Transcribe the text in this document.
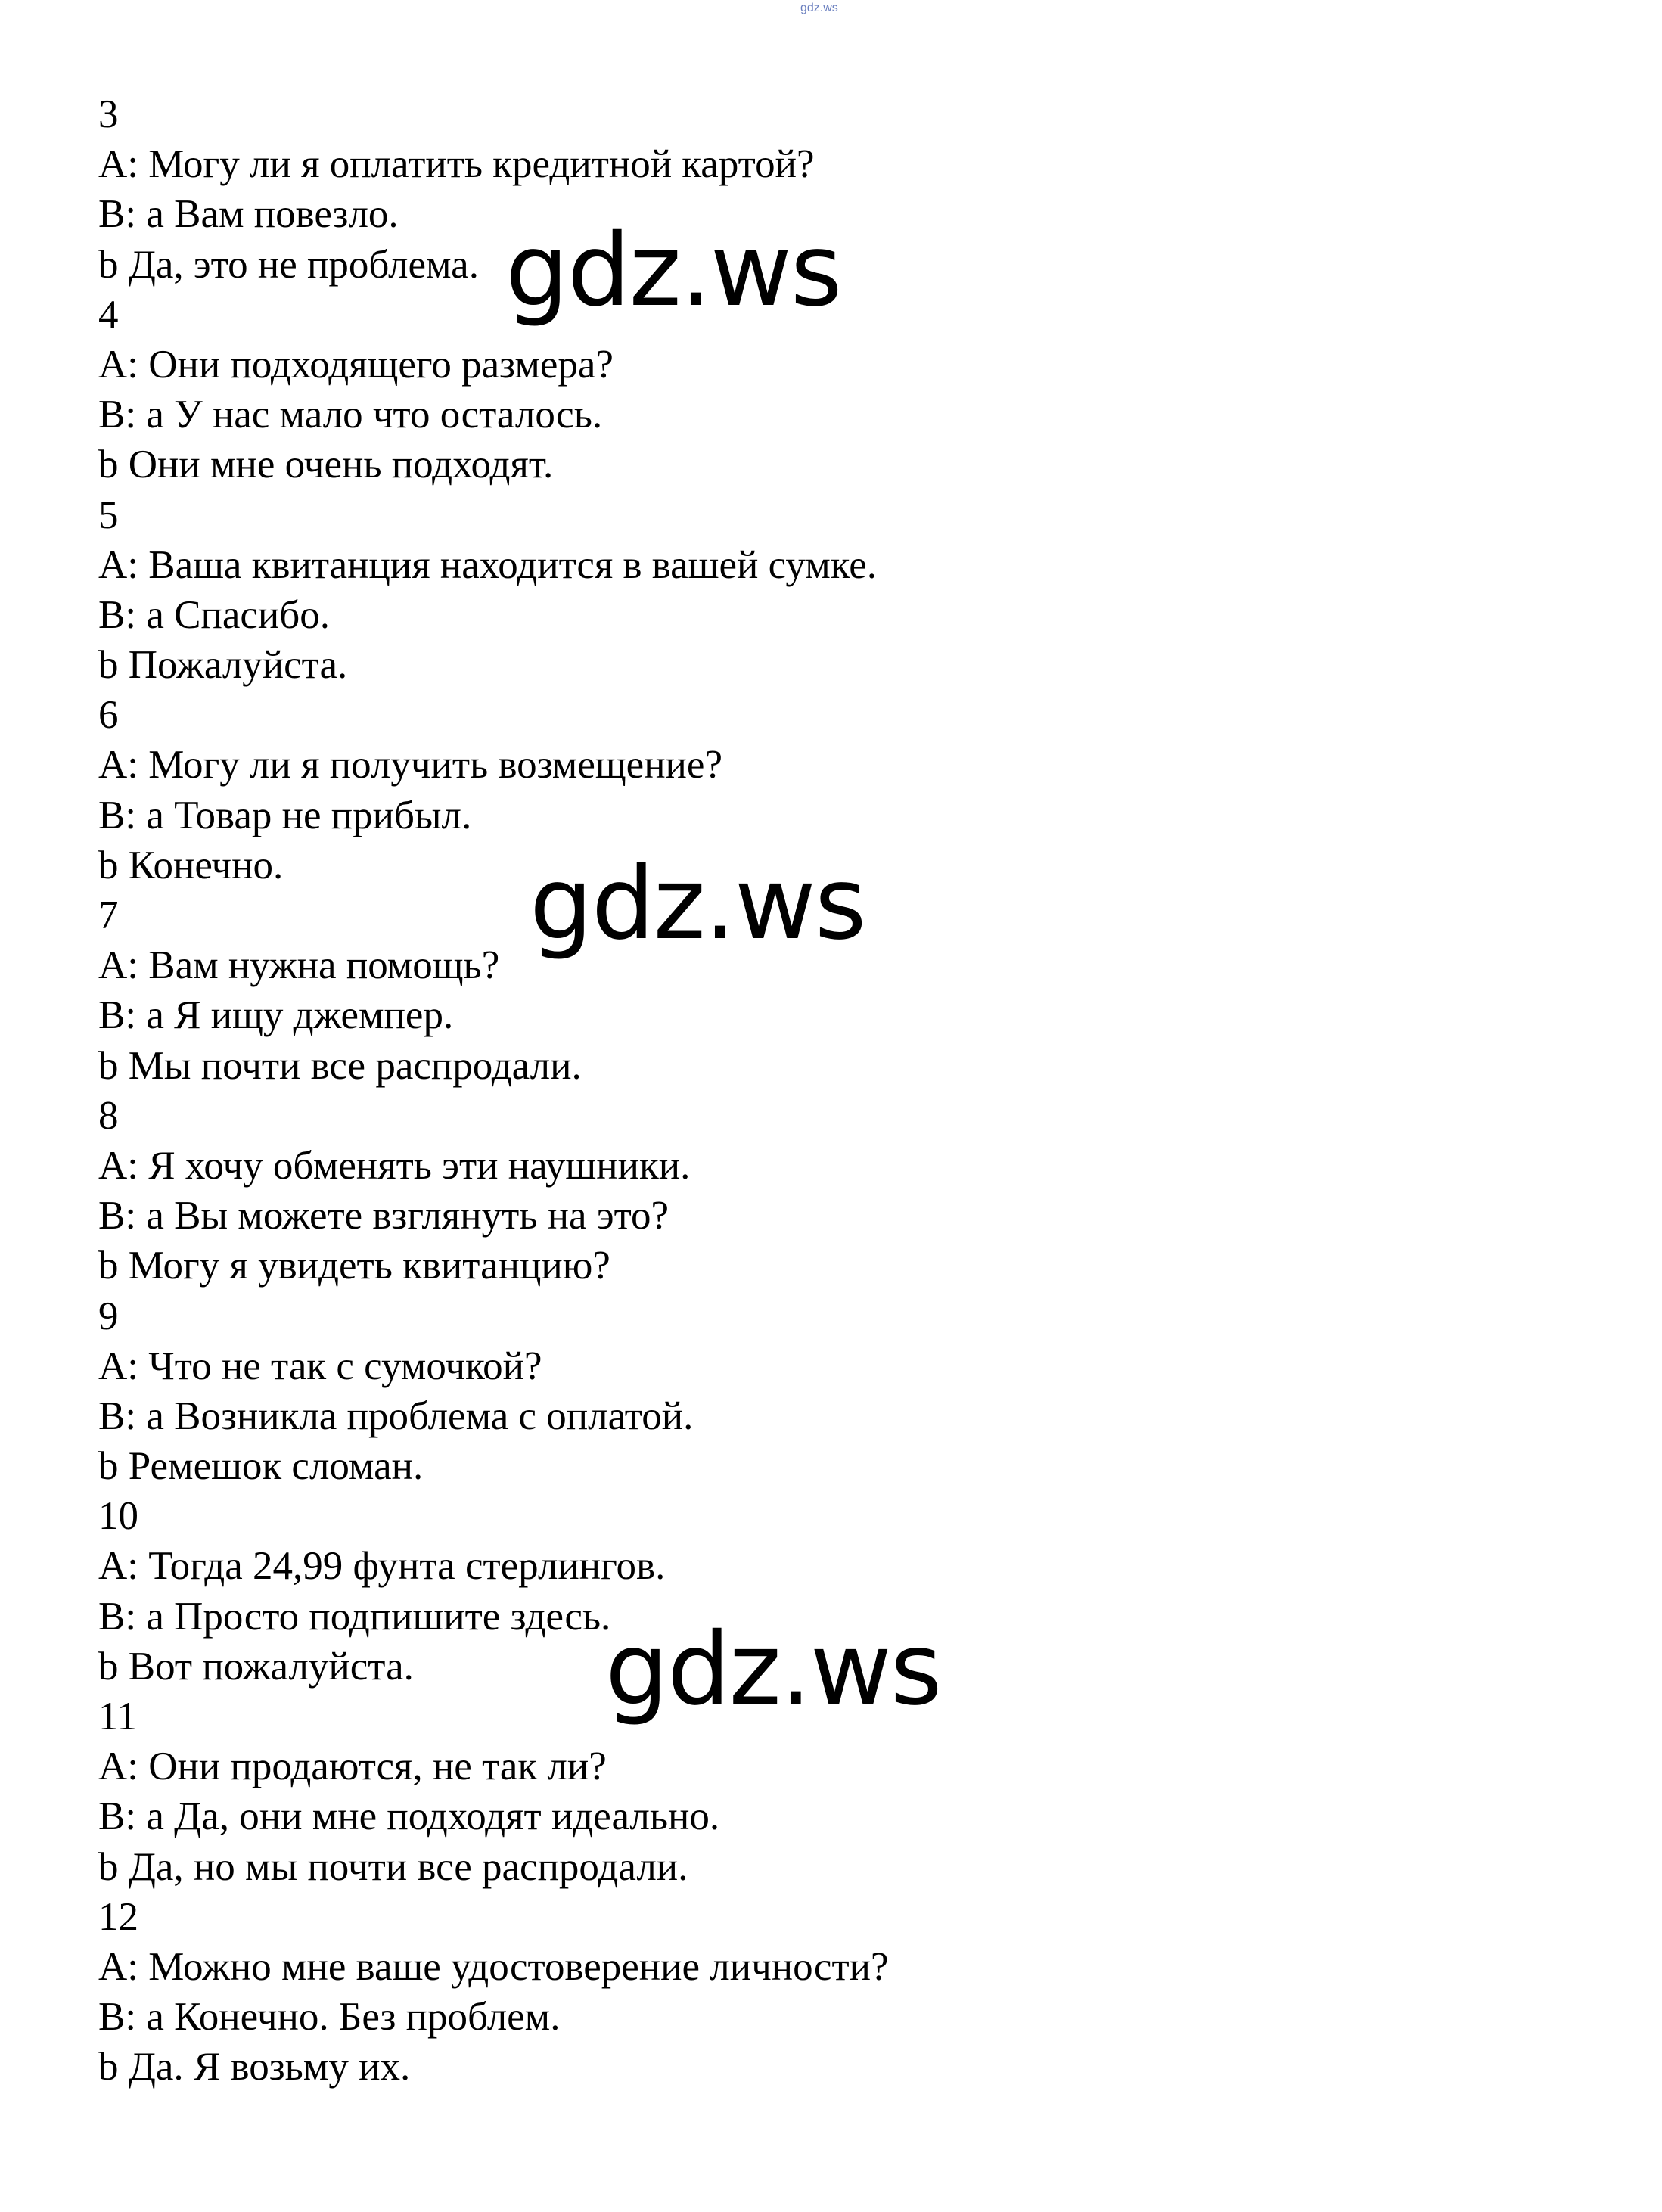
gdz.ws
3
A: Могу ли я оплатить кредитной картой?
B: a Вам повезло.
b Да, это не проблема.
4
A: Они подходящего размера?
B: a У нас мало что осталось.
b Они мне очень подходят.
5
A: Ваша квитанция находится в вашей сумке.
B: a Спасибо.
b Пожалуйста.
6
A: Могу ли я получить возмещение?
B: a Товар не прибыл.
b Конечно.
7
A: Вам нужна помощь?
B: a Я ищу джемпер.
b Мы почти все распродали.
8
A: Я хочу обменять эти наушники.
B: a Вы можете взглянуть на это?
b Могу я увидеть квитанцию?
9
A: Что не так с сумочкой?
B: a Возникла проблема с оплатой.
b Ремешок сломан.
10
A: Тогда 24,99 фунта стерлингов.
B: a Просто подпишите здесь.
b Вот пожалуйста.
11
A: Они продаются, не так ли?
B: a Да, они мне подходят идеально.
b Да, но мы почти все распродали.
12
A: Можно мне ваше удостоверение личности?
B: a Конечно. Без проблем.
b Да. Я возьму их.
gdz.ws
gdz.ws
gdz.ws
